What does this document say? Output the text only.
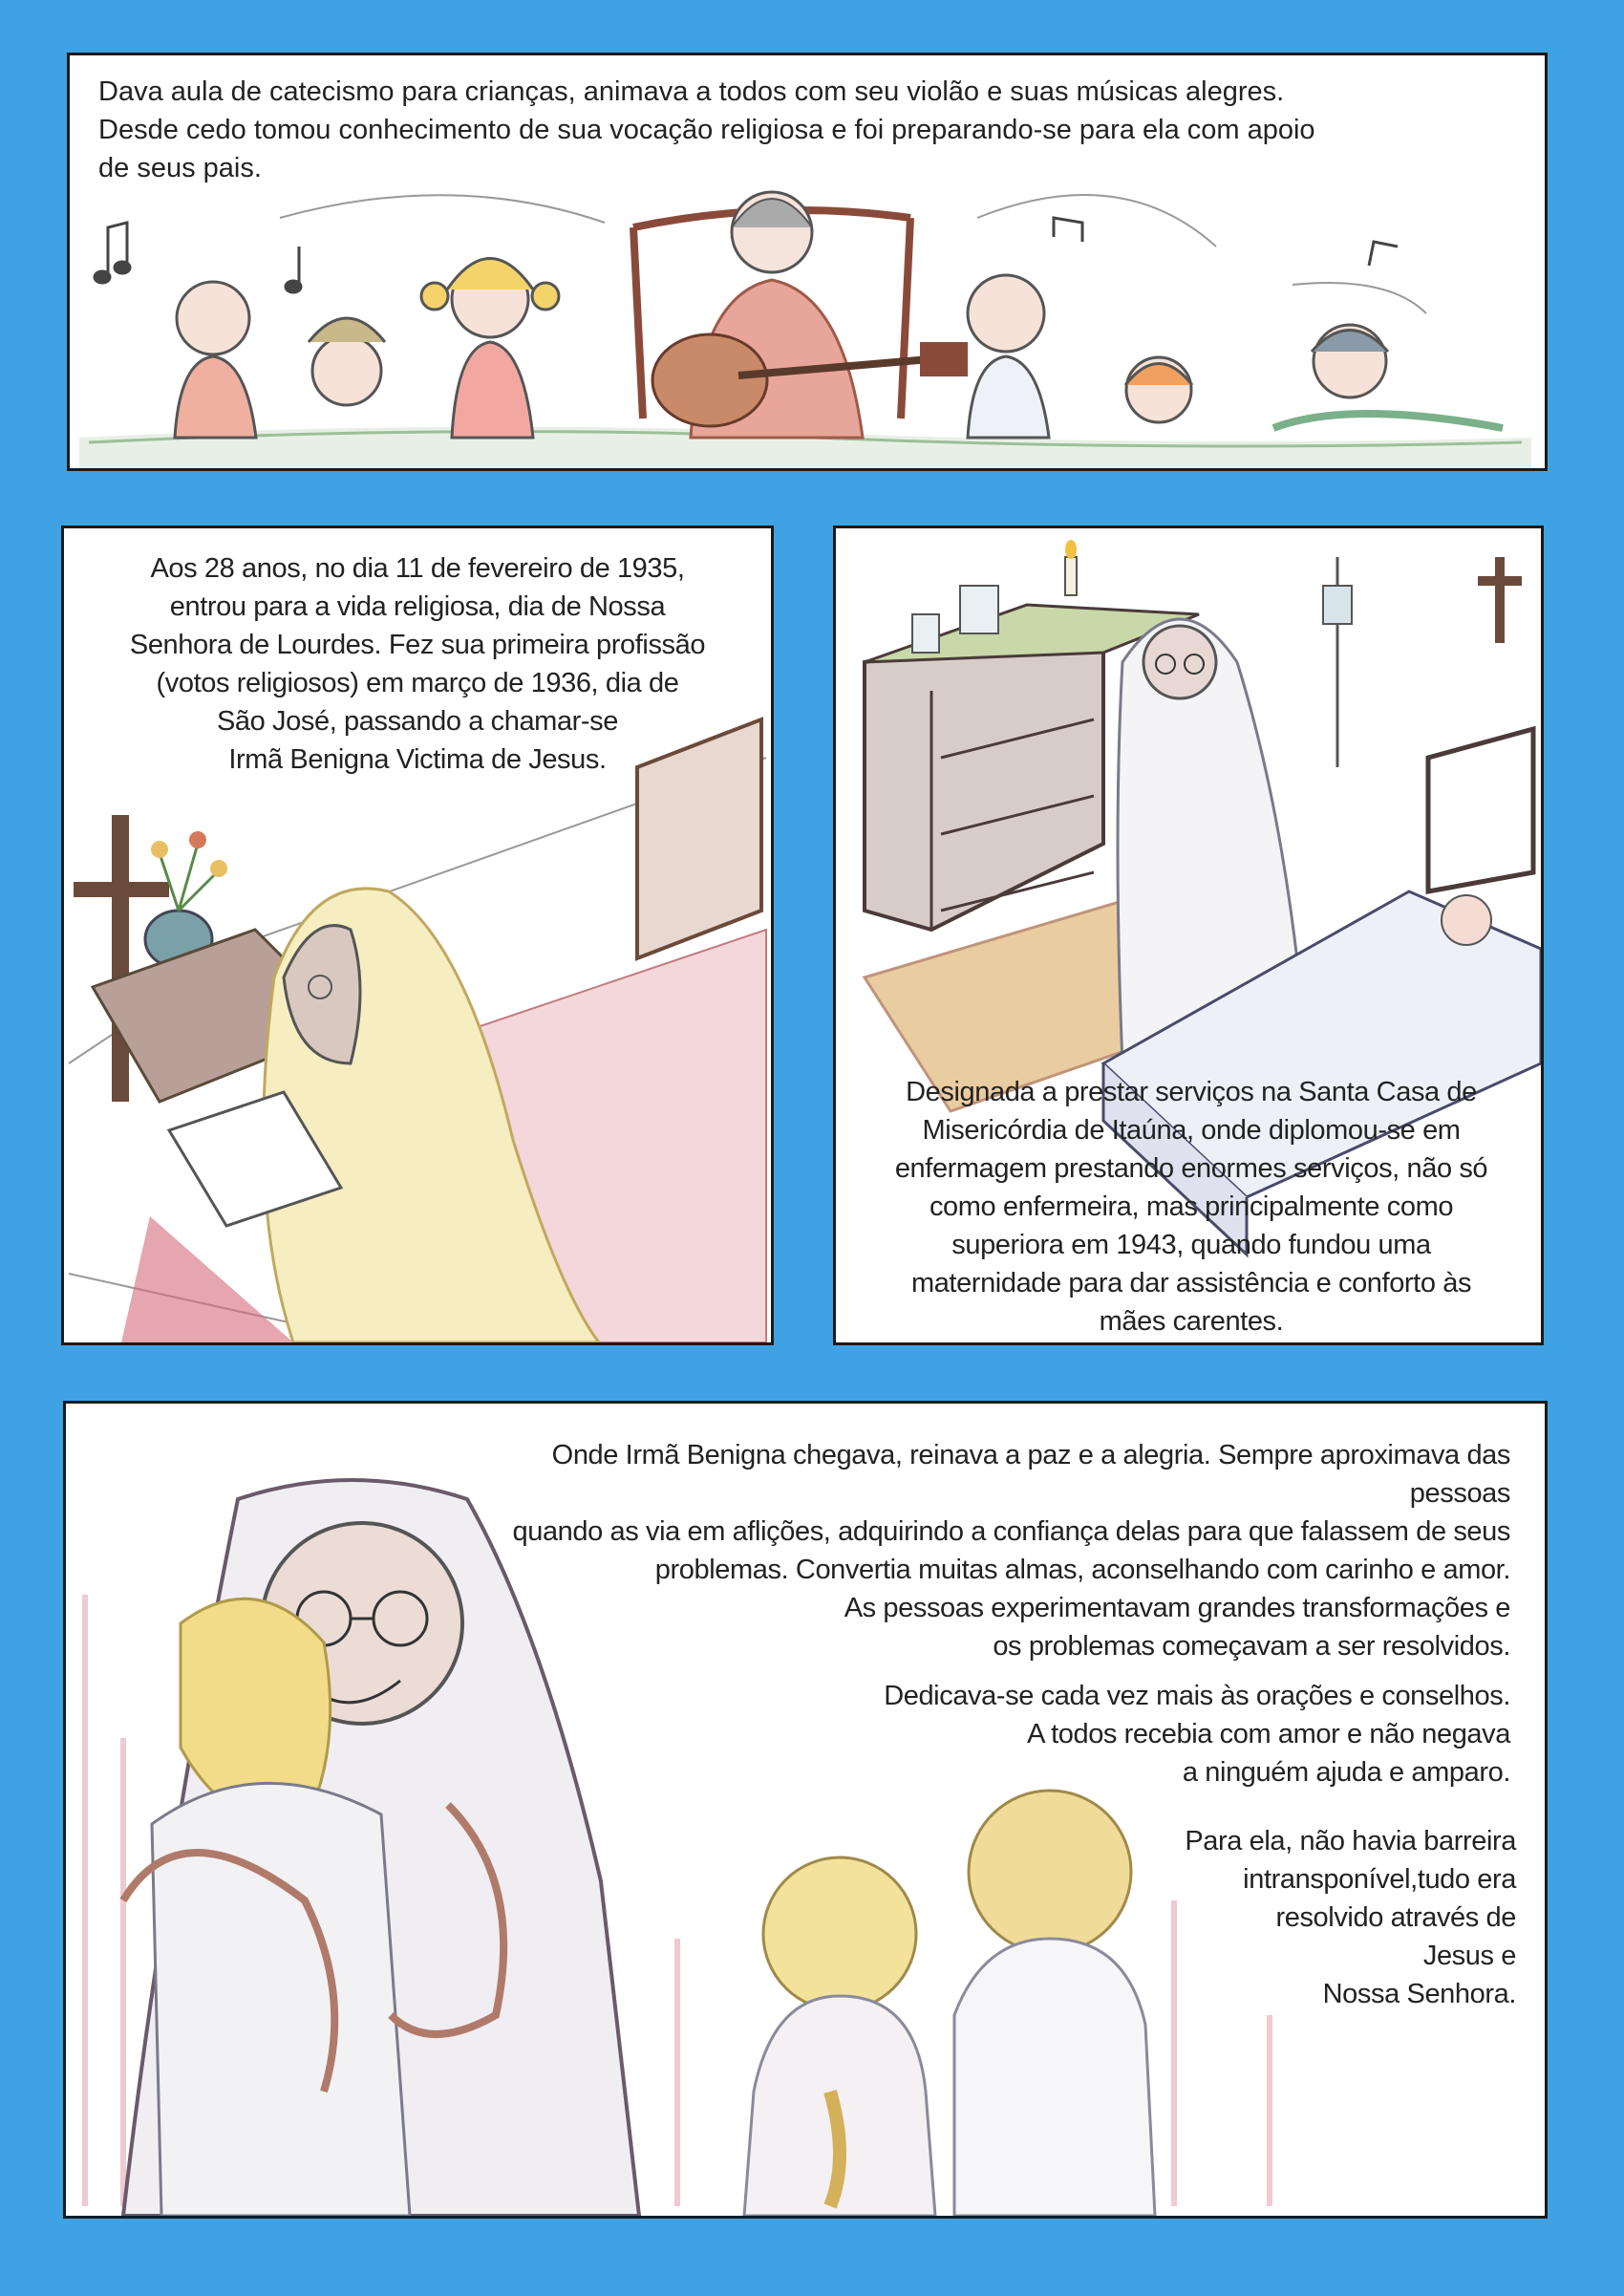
Dava aula de catecismo para crianças, animava a todos com seu violão e suas músicas alegres.
Desde cedo tomou conhecimento de sua vocação religiosa e foi preparando-se para ela com apoio
de seus pais.

Aos 28 anos, no dia 11 de fevereiro de 1935,
entrou para a vida religiosa, dia de Nossa
Senhora de Lourdes. Fez sua primeira profissão
(votos religiosos) em março de 1936, dia de
São José, passando a chamar-se
Irmã Benigna Victima de Jesus.

Designada a prestar serviços na Santa Casa de
Misericórdia de Itaúna, onde diplomou-se em
enfermagem prestando enormes serviços, não só
como enfermeira, mas principalmente como
superiora em 1943, quando fundou uma
maternidade para dar assistência e conforto às
mães carentes.

Onde Irmã Benigna chegava, reinava a paz e a alegria. Sempre aproximava das pessoas
quando as via em aflições, adquirindo a confiança delas para que falassem de seus
problemas. Convertia muitas almas, aconselhando com carinho e amor.
As pessoas experimentavam grandes transformações e
os problemas começavam a ser resolvidos.

Dedicava-se cada vez mais às orações e conselhos.
A todos recebia com amor e não negava
a ninguém ajuda e amparo.

Para ela, não havia barreira
intransponível,tudo era
resolvido através de
Jesus e
Nossa Senhora.
